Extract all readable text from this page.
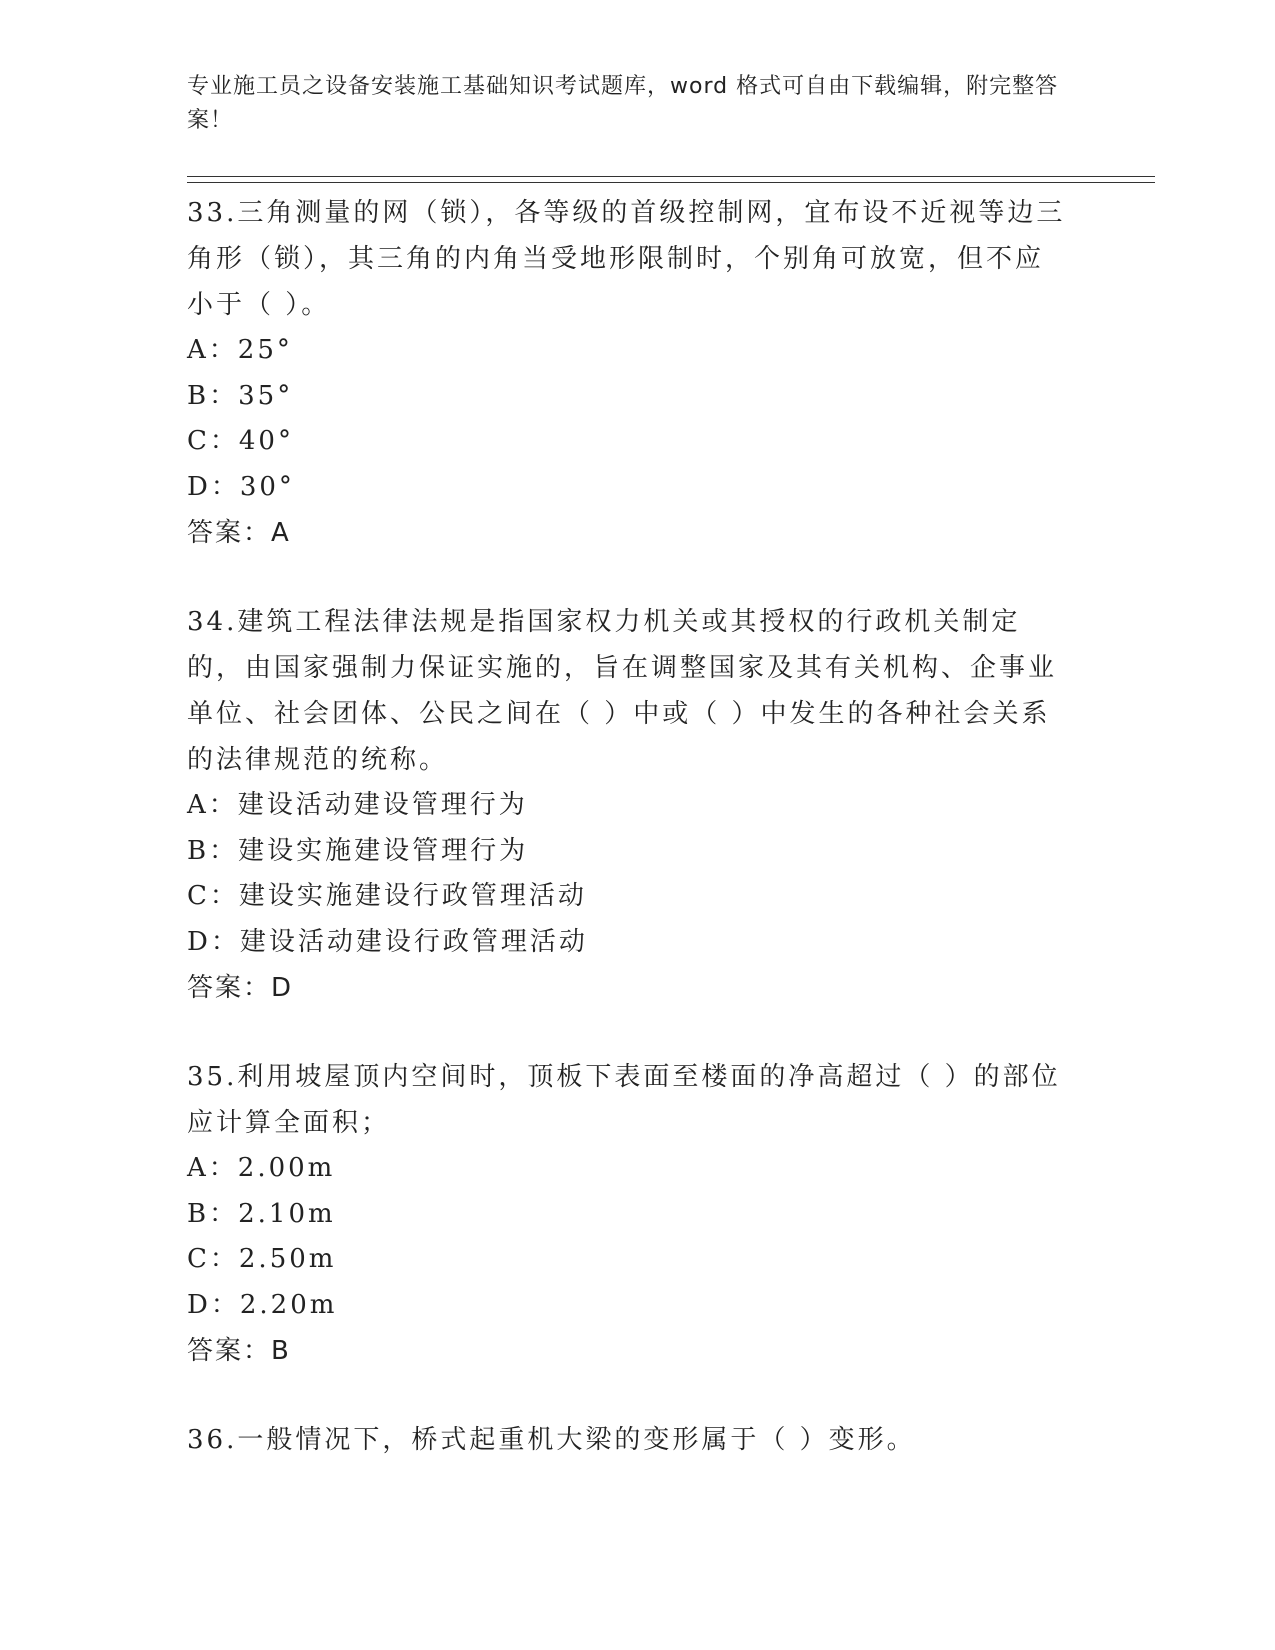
专业施工员之设备安装施工基础知识考试题库，word 格式可自由下载编辑，附完整答案！

33.三角测量的网（锁），各等级的首级控制网，宜布设不近视等边三角形（锁），其三角的内角当受地形限制时，个别角可放宽，但不应小于（ ）。

A：25°

B：35°

C：40°

D：30°

答案：A

34.建筑工程法律法规是指国家权力机关或其授权的行政机关制定的，由国家强制力保证实施的，旨在调整国家及其有关机构、企事业单位、社会团体、公民之间在（ ）中或（ ）中发生的各种社会关系的法律规范的统称。

A：建设活动建设管理行为

B：建设实施建设管理行为

C：建设实施建设行政管理活动

D：建设活动建设行政管理活动

答案：D

35.利用坡屋顶内空间时，顶板下表面至楼面的净高超过（ ）的部位应计算全面积；

A：2.00m

B：2.10m

C：2.50m

D：2.20m

答案：B

36.一般情况下，桥式起重机大梁的变形属于（ ）变形。
